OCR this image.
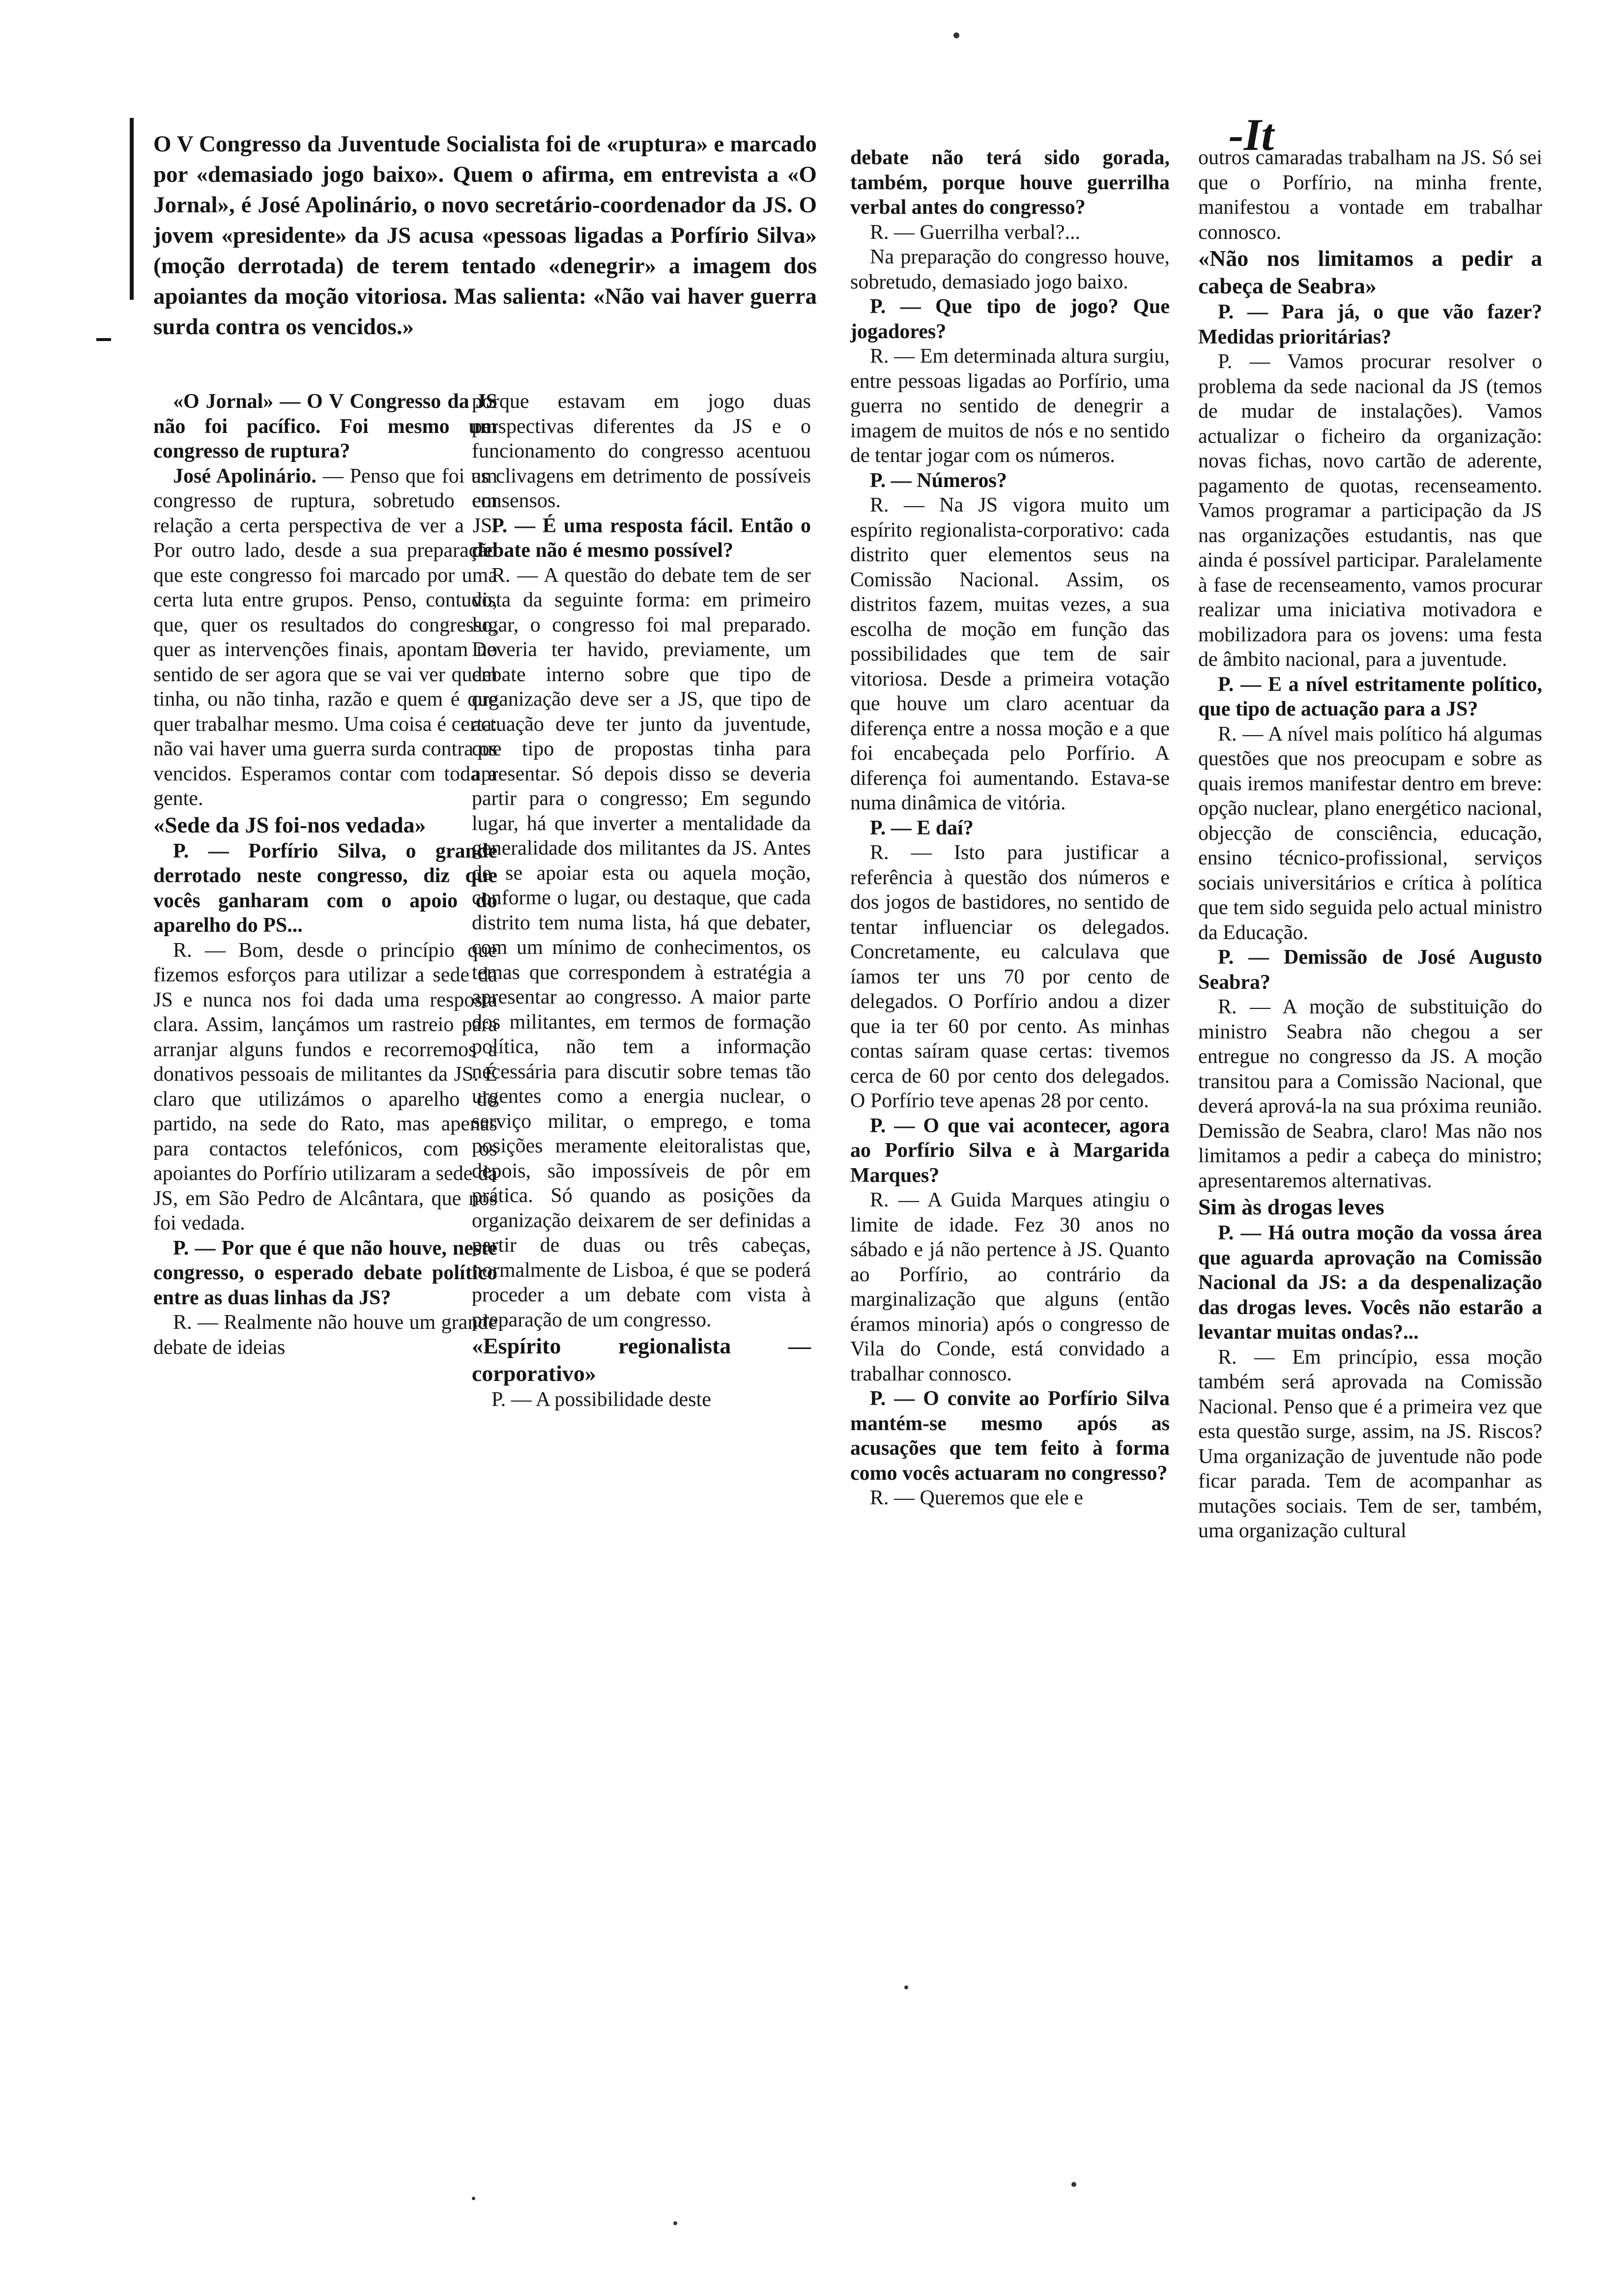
-It
O V Congresso da Juventude Socialista foi de «ruptura» e marcado por «demasiado jogo baixo». Quem o afirma, em entrevista a «O Jornal», é José Apolinário, o novo secretário-coordenador da JS. O jovem «presidente» da JS acusa «pessoas ligadas a Porfírio Silva» (moção derrotada) de terem tentado «denegrir» a imagem dos apoiantes da moção vitoriosa. Mas salienta: «Não vai haver guerra surda contra os vencidos.»

«O Jornal» — O V Congresso da JS não foi pacífico. Foi mesmo um congresso de ruptura?

José Apolinário. — Penso que foi um congresso de ruptura, sobretudo em relação a certa perspectiva de ver a JS. Por outro lado, desde a sua preparação que este congresso foi marcado por uma certa luta entre grupos. Penso, contudo, que, quer os resultados do congresso, quer as intervenções finais, apontam no sentido de ser agora que se vai ver quem tinha, ou não tinha, razão e quem é que quer trabalhar mesmo. Uma coisa é certa: não vai haver uma guerra surda contra os vencidos. Esperamos contar com toda a gente.

«Sede da JS foi-nos vedada»

P. — Porfírio Silva, o grande derrotado neste congresso, diz que vocês ganharam com o apoio do aparelho do PS...

R. — Bom, desde o princípio que fizemos esforços para utilizar a sede da JS e nunca nos foi dada uma resposta clara. Assim, lançámos um rastreio para arranjar alguns fundos e recorremos a donativos pessoais de militantes da JS. É claro que utilizámos o aparelho do partido, na sede do Rato, mas apenas para contactos telefónicos, com os apoiantes do Porfírio utilizaram a sede da JS, em São Pedro de Alcântara, que nos foi vedada.

P. — Por que é que não houve, neste congresso, o esperado debate político entre as duas linhas da JS?

R. — Realmente não houve um grande debate de ideias

porque estavam em jogo duas perspectivas diferentes da JS e o funcionamento do congresso acentuou as clivagens em detrimento de possíveis consensos.

P. — É uma resposta fácil. Então o debate não é mesmo possível?

R. — A questão do debate tem de ser vista da seguinte forma: em primeiro lugar, o congresso foi mal preparado. Deveria ter havido, previamente, um debate interno sobre que tipo de organização deve ser a JS, que tipo de actuação deve ter junto da juventude, que tipo de propostas tinha para apresentar. Só depois disso se deveria partir para o congresso; Em segundo lugar, há que inverter a mentalidade da generalidade dos militantes da JS. Antes de se apoiar esta ou aquela moção, conforme o lugar, ou destaque, que cada distrito tem numa lista, há que debater, com um mínimo de conhecimentos, os temas que correspondem à estratégia a apresentar ao congresso. A maior parte dos militantes, em termos de formação política, não tem a informação necessária para discutir sobre temas tão urgentes como a energia nuclear, o serviço militar, o emprego, e toma posições meramente eleitoralistas que, depois, são impossíveis de pôr em prática. Só quando as posições da organização deixarem de ser definidas a partir de duas ou três cabeças, normalmente de Lisboa, é que se poderá proceder a um debate com vista à preparação de um congresso.

«Espírito regionalista — corporativo»

P. — A possibilidade deste

debate não terá sido gorada, também, porque houve guerrilha verbal antes do congresso?

R. — Guerrilha verbal?...

Na preparação do congresso houve, sobretudo, demasiado jogo baixo.

P. — Que tipo de jogo? Que jogadores?

R. — Em determinada altura surgiu, entre pessoas ligadas ao Porfírio, uma guerra no sentido de denegrir a imagem de muitos de nós e no sentido de tentar jogar com os números.

P. — Números?

R. — Na JS vigora muito um espírito regionalista-corporativo: cada distrito quer elementos seus na Comissão Nacional. Assim, os distritos fazem, muitas vezes, a sua escolha de moção em função das possibilidades que tem de sair vitoriosa. Desde a primeira votação que houve um claro acentuar da diferença entre a nossa moção e a que foi encabeçada pelo Porfírio. A diferença foi aumentando. Estava-se numa dinâmica de vitória.

P. — E daí?

R. — Isto para justificar a referência à questão dos números e dos jogos de bastidores, no sentido de tentar influenciar os delegados. Concretamente, eu calculava que íamos ter uns 70 por cento de delegados. O Porfírio andou a dizer que ia ter 60 por cento. As minhas contas saíram quase certas: tivemos cerca de 60 por cento dos delegados. O Porfírio teve apenas 28 por cento.

P. — O que vai acontecer, agora ao Porfírio Silva e à Margarida Marques?

R. — A Guida Marques atingiu o limite de idade. Fez 30 anos no sábado e já não pertence à JS. Quanto ao Porfírio, ao contrário da marginalização que alguns (então éramos minoria) após o congresso de Vila do Conde, está convidado a trabalhar connosco.

P. — O convite ao Porfírio Silva mantém-se mesmo após as acusações que tem feito à forma como vocês actuaram no congresso?

R. — Queremos que ele e

outros camaradas trabalham na JS. Só sei que o Porfírio, na minha frente, manifestou a vontade em trabalhar connosco.

«Não nos limitamos a pedir a cabeça de Seabra»

P. — Para já, o que vão fazer? Medidas prioritárias?

P. — Vamos procurar resolver o problema da sede nacional da JS (temos de mudar de instalações). Vamos actualizar o ficheiro da organização: novas fichas, novo cartão de aderente, pagamento de quotas, recenseamento. Vamos programar a participação da JS nas organizações estudantis, nas que ainda é possível participar. Paralelamente à fase de recenseamento, vamos procurar realizar uma iniciativa motivadora e mobilizadora para os jovens: uma festa de âmbito nacional, para a juventude.

P. — E a nível estritamente político, que tipo de actuação para a JS?

R. — A nível mais político há algumas questões que nos preocupam e sobre as quais iremos manifestar dentro em breve: opção nuclear, plano energético nacional, objecção de consciência, educação, ensino técnico-profissional, serviços sociais universitários e crítica à política que tem sido seguida pelo actual ministro da Educação.

P. — Demissão de José Augusto Seabra?

R. — A moção de substituição do ministro Seabra não chegou a ser entregue no congresso da JS. A moção transitou para a Comissão Nacional, que deverá aprová-la na sua próxima reunião. Demissão de Seabra, claro! Mas não nos limitamos a pedir a cabeça do ministro; apresentaremos alternativas.

Sim às drogas leves

P. — Há outra moção da vossa área que aguarda aprovação na Comissão Nacional da JS: a da despenalização das drogas leves. Vocês não estarão a levantar muitas ondas?...

R. — Em princípio, essa moção também será aprovada na Comissão Nacional. Penso que é a primeira vez que esta questão surge, assim, na JS. Riscos? Uma organização de juventude não pode ficar parada. Tem de acompanhar as mutações sociais. Tem de ser, também, uma organização cultural
